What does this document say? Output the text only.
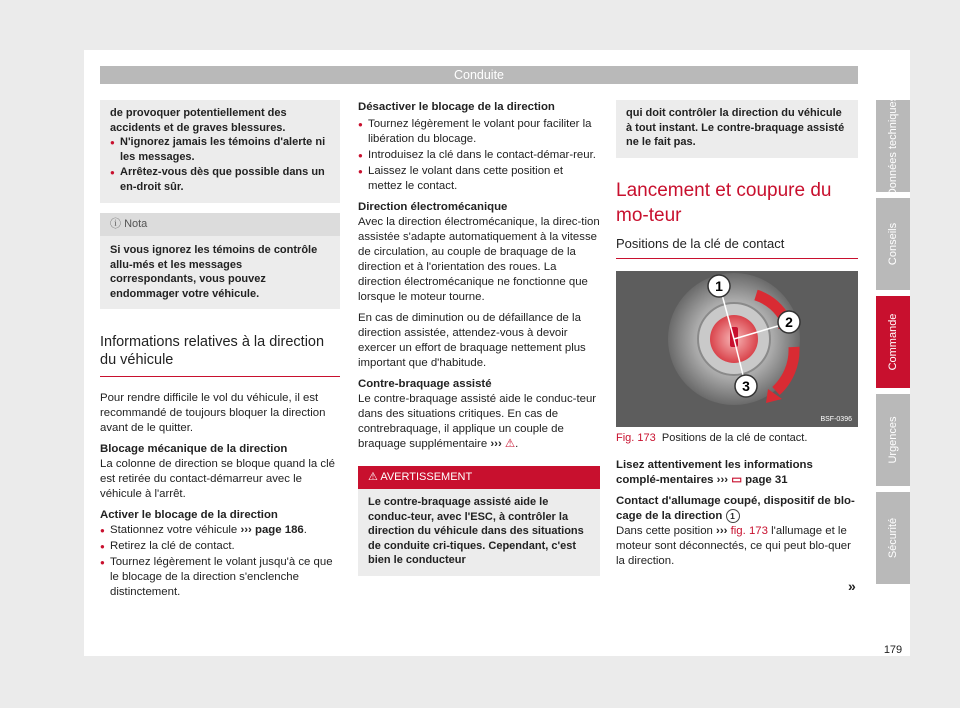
Conduite
de provoquer potentiellement des accidents et de graves blessures.
● N'ignorez jamais les témoins d'alerte ni les messages.
● Arrêtez-vous dès que possible dans un en-droit sûr.
ⓘ Nota
Si vous ignorez les témoins de contrôle allu-més et les messages correspondants, vous pouvez endommager votre véhicule.
Informations relatives à la direction du véhicule

Pour rendre difficile le vol du véhicule, il est recommandé de toujours bloquer la direction avant de le quitter.

Blocage mécanique de la direction

La colonne de direction se bloque quand la clé est retirée du contact-démarreur avec le véhicule à l'arrêt.

Activer le blocage de la direction

● Stationnez votre véhicule ››› page 186.
● Retirez la clé de contact.
● Tournez légèrement le volant jusqu'à ce que le blocage de la direction s'enclenche distinctement.

Désactiver le blocage de la direction

● Tournez légèrement le volant pour faciliter la libération du blocage.
● Introduisez la clé dans le contact-démar-reur.
● Laissez le volant dans cette position et mettez le contact.

Direction électromécanique

Avec la direction électromécanique, la direc-tion assistée s'adapte automatiquement à la vitesse de circulation, au couple de braquage de la direction et à l'orientation des roues. La direction électromécanique ne fonctionne que lorsque le moteur tourne.

En cas de diminution ou de défaillance de la direction assistée, attendez-vous à devoir exercer un effort de braquage nettement plus important que d'habitude.

Contre-braquage assisté

Le contre-braquage assisté aide le conduc-teur dans des situations critiques. En cas de contrebraquage, il applique un couple de braquage supplémentaire ››› ⚠.

⚠ AVERTISSEMENT
Le contre-braquage assisté aide le conduc-teur, avec l'ESC, à contrôler la direction du véhicule dans des situations de conduite cri-tiques. Cependant, c'est bien le conducteur
qui doit contrôler la direction du véhicule à tout instant. Le contre-braquage assisté ne le fait pas.
Lancement et coupure du mo-teur
Positions de la clé de contact
1
2
3
BSF-0396
Fig. 173 Positions de la clé de contact.

Lisez attentivement les informations complé-mentaires ››› ▭ page 31

Contact d'allumage coupé, dispositif de blo-cage de la direction 1

Dans cette position ››› fig. 173 l'allumage et le moteur sont déconnectés, ce qui peut blo-quer la direction.

»
Données techniques
Conseils
Commande
Urgences
Sécurité
179
